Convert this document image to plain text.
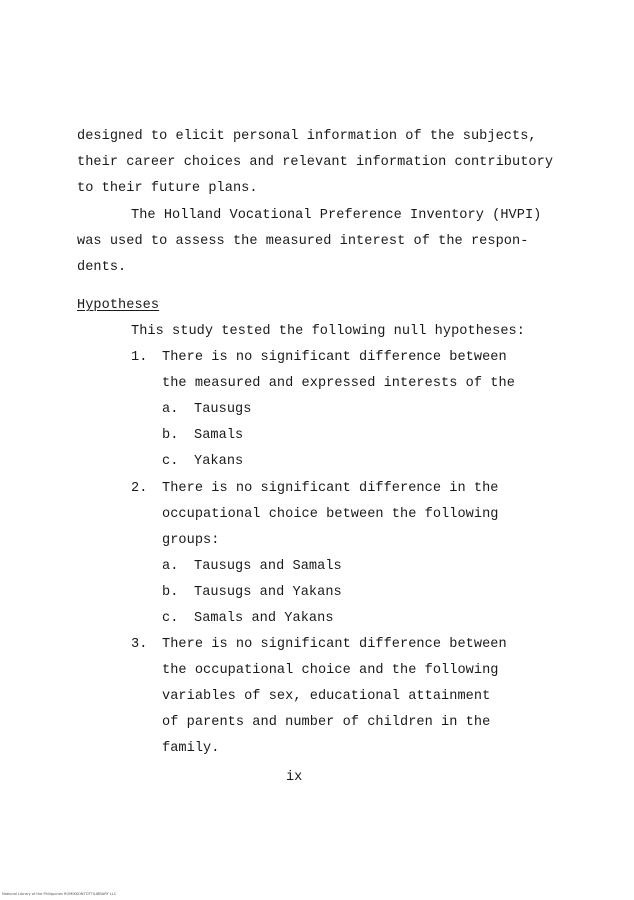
designed to elicit personal information of the subjects,
their career choices and relevant information contributory
to their future plans.
The Holland Vocational Preference Inventory (HVPI)
was used to assess the measured interest of the respon-
dents.
Hypotheses
This study tested the following null hypotheses:
1. There is no significant difference between
the measured and expressed interests of the
a. Tausugs
b. Samals
c. Yakans
2. There is no significant difference in the
occupational choice between the following
groups:
a. Tausugs and Samals
b. Tausugs and Yakans
c. Samals and Yakans
3. There is no significant difference between
the occupational choice and the following
variables of sex, educational attainment
of parents and number of children in the
family.
ix
National Library of the Philippines ROMIKKONTOTTILIBRARY LLC
